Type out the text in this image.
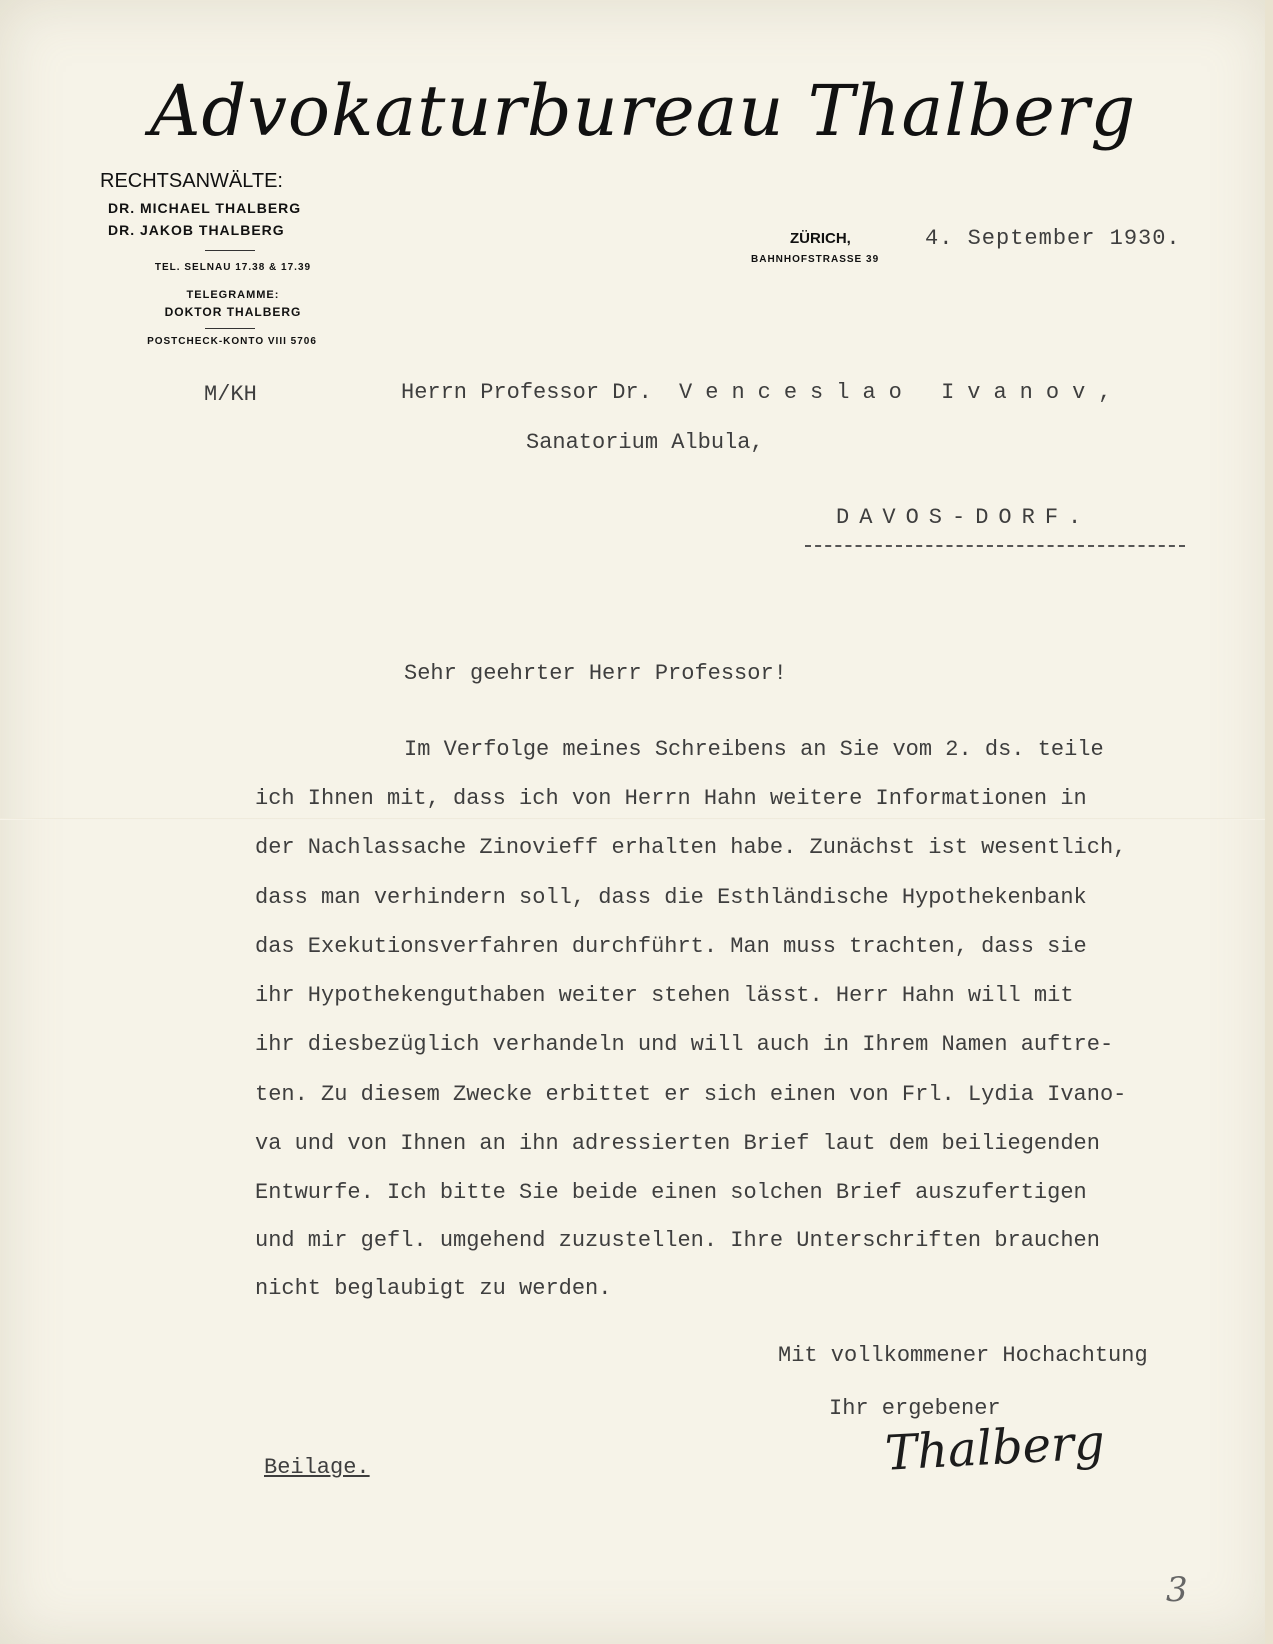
Advokaturbureau Thalberg
RECHTSANWÄLTE:
DR. MICHAEL THALBERG
DR. JAKOB THALBERG
TEL. SELNAU 17.38 & 17.39
TELEGRAMME:
DOKTOR THALBERG
POSTCHECK-KONTO VIII 5706
ZÜRICH,
BAHNHOFSTRASSE 39
4. September 1930.
M/KH	Herrn Professor Dr. Venceslao Ivanov,
Sanatorium Albula,
DAVOS-DORF.
Sehr geehrter Herr Professor!
Im Verfolge meines Schreibens an Sie vom 2. ds. teile
ich Ihnen mit, dass ich von Herrn Hahn weitere Informationen in
der Nachlassache Zinovieff erhalten habe. Zunächst ist wesentlich,
dass man verhindern soll, dass die Esthländische Hypothekenbank
das Exekutionsverfahren durchführt. Man muss trachten, dass sie
ihr Hypothekenguthaben weiter stehen lässt. Herr Hahn will mit
ihr diesbezüglich verhandeln und will auch in Ihrem Namen auftre-
ten. Zu diesem Zwecke erbittet er sich einen von Frl. Lydia Ivano-
va und von Ihnen an ihn adressierten Brief laut dem beiliegenden
Entwurfe. Ich bitte Sie beide einen solchen Brief auszufertigen
und mir gefl. umgehend zuzustellen. Ihre Unterschriften brauchen
nicht beglaubigt zu werden.
Mit vollkommener Hochachtung
Ihr ergebener
Thalberg
Beilage.
3
